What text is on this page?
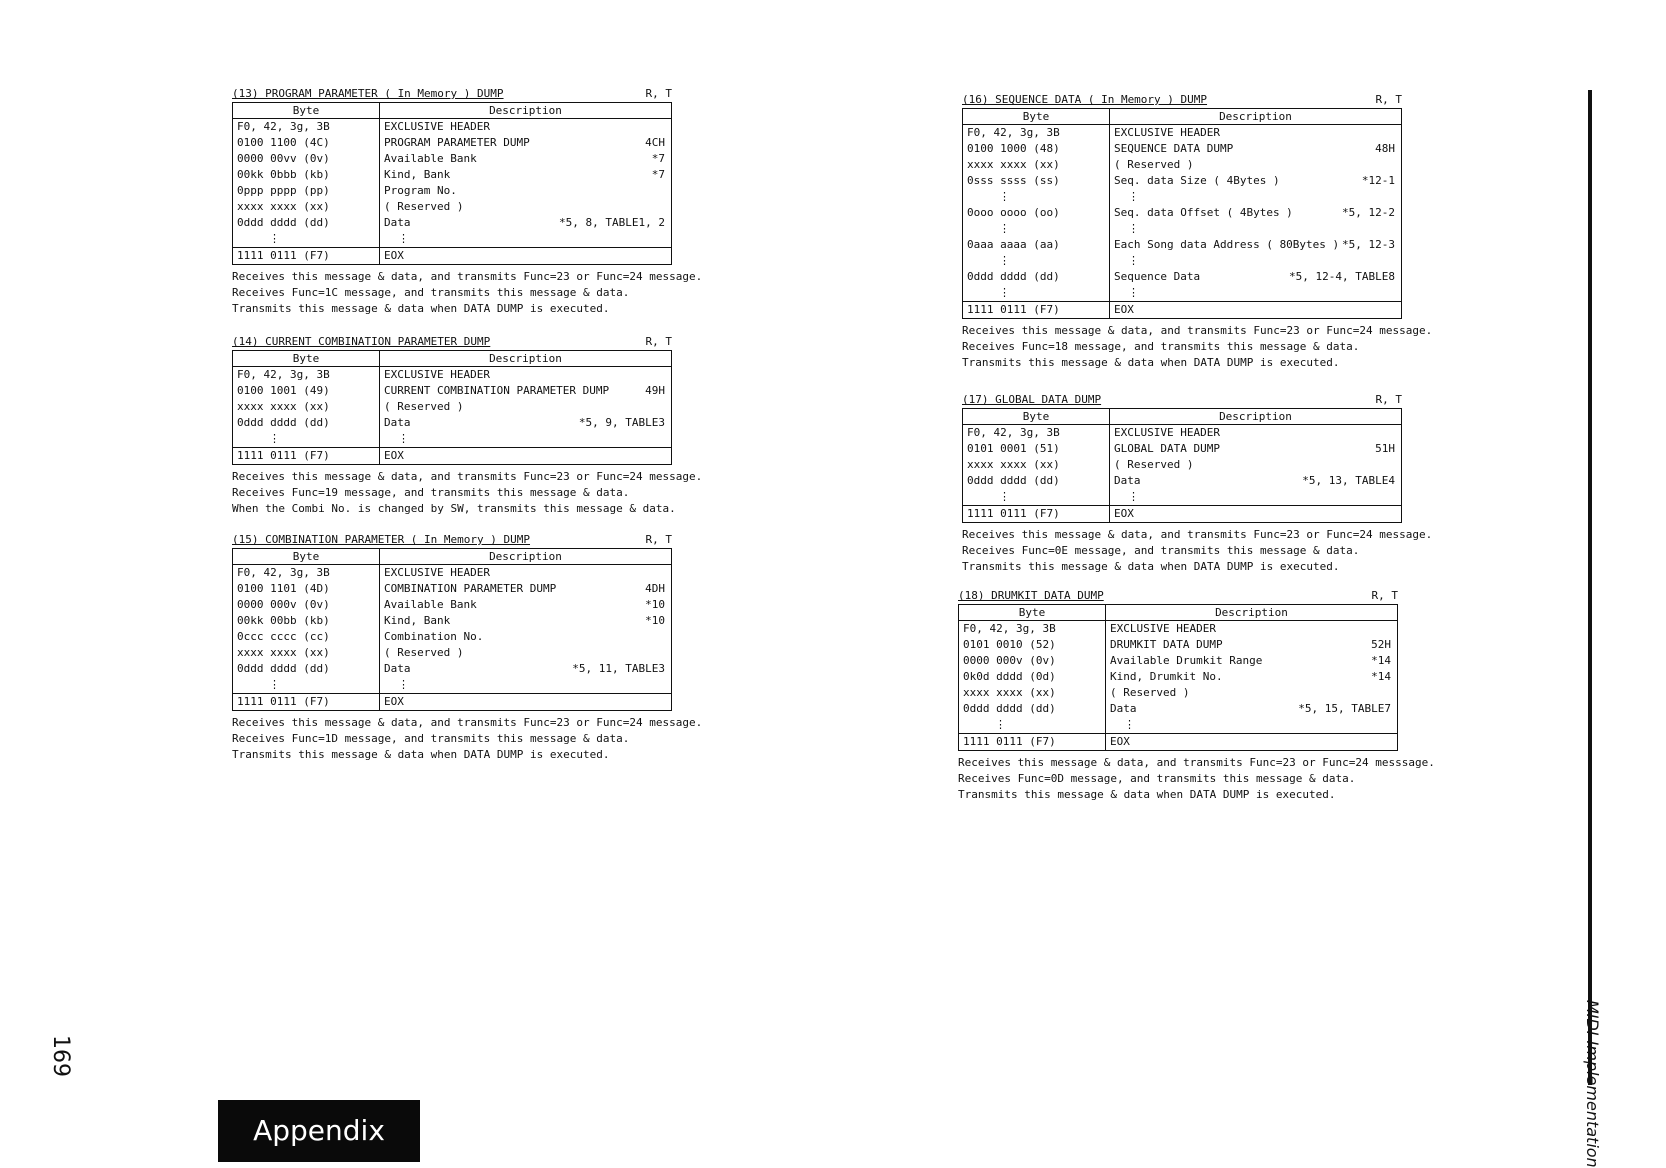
(13) PROGRAM PARAMETER ( In Memory ) DUMP	R, T
Byte	Description
F0, 42, 3g, 3B	EXCLUSIVE HEADER
0100 1100 (4C)	PROGRAM PARAMETER DUMP 4CH

0000 00vv (0v)	Available Bank *7

00kk 0bbb (kb)	Kind, Bank *7

0ppp pppp (pp)	Program No.
xxxx xxxx (xx)	( Reserved )
0ddd dddd (dd)	Data *5, 8, TABLE1, 2

⋮	⋮
1111 0111 (F7)	EOX
Receives this message & data, and transmits Func=23 or Func=24 message.
Receives Func=1C message, and transmits this message & data.
Transmits this message & data when DATA DUMP is executed.
(14) CURRENT COMBINATION PARAMETER DUMP	R, T
Byte	Description
F0, 42, 3g, 3B	EXCLUSIVE HEADER
0100 1001 (49)	CURRENT COMBINATION PARAMETER DUMP 49H

xxxx xxxx (xx)	( Reserved )
0ddd dddd (dd)	Data *5, 9, TABLE3

⋮	⋮
1111 0111 (F7)	EOX
Receives this message & data, and transmits Func=23 or Func=24 message.
Receives Func=19 message, and transmits this message & data.
When the Combi No. is changed by SW, transmits this message & data.
(15) COMBINATION PARAMETER ( In Memory ) DUMP	R, T
Byte	Description
F0, 42, 3g, 3B	EXCLUSIVE HEADER
0100 1101 (4D)	COMBINATION PARAMETER DUMP 4DH

0000 000v (0v)	Available Bank *10

00kk 00bb (kb)	Kind, Bank *10

0ccc cccc (cc)	Combination No.
xxxx xxxx (xx)	( Reserved )
0ddd dddd (dd)	Data *5, 11, TABLE3

⋮	⋮
1111 0111 (F7)	EOX
Receives this message & data, and transmits Func=23 or Func=24 message.
Receives Func=1D message, and transmits this message & data.
Transmits this message & data when DATA DUMP is executed.
(16) SEQUENCE DATA ( In Memory ) DUMP	R, T
Byte	Description
F0, 42, 3g, 3B	EXCLUSIVE HEADER
0100 1000 (48)	SEQUENCE DATA DUMP 48H

xxxx xxxx (xx)	( Reserved )
0sss ssss (ss)	Seq. data Size ( 4Bytes ) *12-1

⋮	⋮
0ooo oooo (oo)	Seq. data Offset ( 4Bytes ) *5, 12-2

⋮	⋮
0aaa aaaa (aa)	Each Song data Address ( 80Bytes ) *5, 12-3

⋮	⋮
0ddd dddd (dd)	Sequence Data *5, 12-4, TABLE8

⋮	⋮
1111 0111 (F7)	EOX
Receives this message & data, and transmits Func=23 or Func=24 message.
Receives Func=18 message, and transmits this message & data.
Transmits this message & data when DATA DUMP is executed.
(17) GLOBAL DATA DUMP	R, T
Byte	Description
F0, 42, 3g, 3B	EXCLUSIVE HEADER
0101 0001 (51)	GLOBAL DATA DUMP 51H

xxxx xxxx (xx)	( Reserved )
0ddd dddd (dd)	Data *5, 13, TABLE4

⋮	⋮
1111 0111 (F7)	EOX
Receives this message & data, and transmits Func=23 or Func=24 message.
Receives Func=0E message, and transmits this message & data.
Transmits this message & data when DATA DUMP is executed.
(18) DRUMKIT DATA DUMP	R, T
Byte	Description
F0, 42, 3g, 3B	EXCLUSIVE HEADER
0101 0010 (52)	DRUMKIT DATA DUMP 52H

0000 000v (0v)	Available Drumkit Range *14

0k0d dddd (0d)	Kind, Drumkit No. *14

xxxx xxxx (xx)	( Reserved )
0ddd dddd (dd)	Data *5, 15, TABLE7

⋮	⋮
1111 0111 (F7)	EOX
Receives this message & data, and transmits Func=23 or Func=24 messsage.
Receives Func=0D message, and transmits this message & data.
Transmits this message & data when DATA DUMP is executed.
MIDI Implementation
169
Appendix
